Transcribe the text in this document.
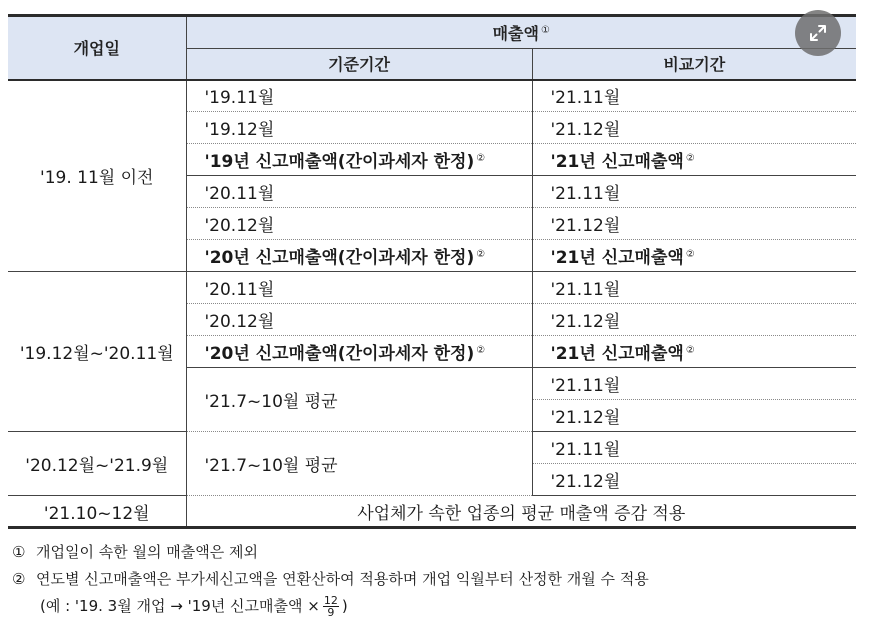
개업일	매출액 ①
	기준기간	비교기간
'19. 11월 이전	'19.11월	'21.11월
	'19.12월	'21.12월
	'19년 신고매출액(간이과세자 한정) ②	'21년 신고매출액 ②
	'20.11월	'21.11월
	'20.12월	'21.12월
	'20년 신고매출액(간이과세자 한정) ②	'21년 신고매출액 ②
'19.12월~'20.11월	'20.11월	'21.11월
	'20.12월	'21.12월
	'20년 신고매출액(간이과세자 한정) ②	'21년 신고매출액 ②
	'21.7~10월 평균	'21.11월
		'21.12월
'20.12월~'21.9월	'21.7~10월 평균	'21.11월
		'21.12월
'21.10~12월	사업체가 속한 업종의 평균 매출액 증감 적용	
① 개업일이 속한 월의 매출액은 제외
② 연도별 신고매출액은 부가세신고액을 연환산하여 적용하며 개업 익월부터 산정한 개월 수 적용
(예 : '19. 3월 개업 → '19년 신고매출액 × $\frac{12}{9}$ )
